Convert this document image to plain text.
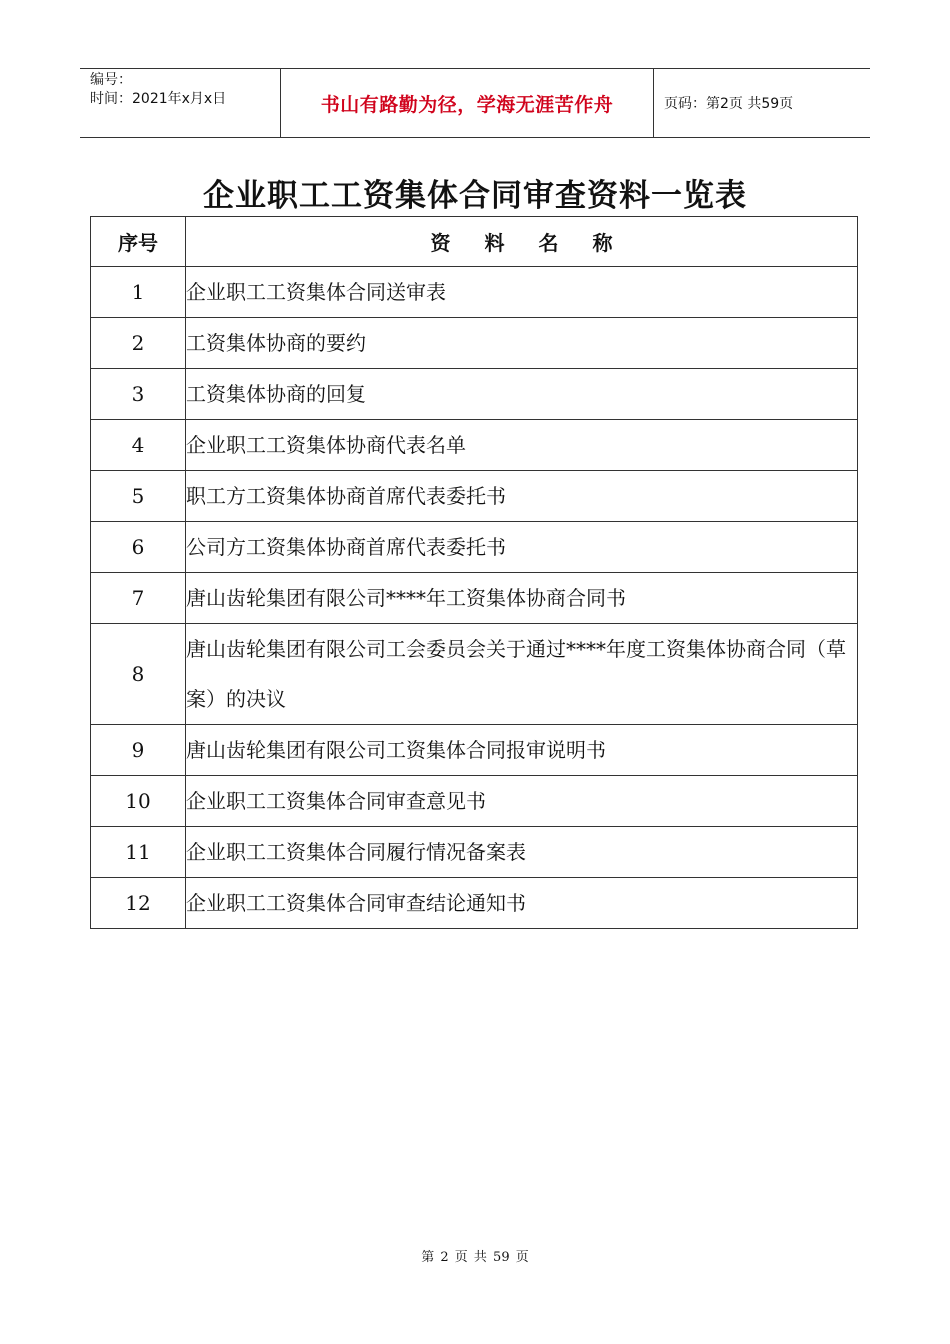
编号：
时间：2021年x月x日	书山有路勤为径，学海无涯苦作舟	页码：第2页 共59页
企业职工工资集体合同审查资料一览表
序号	资料名称
1	企业职工工资集体合同送审表
2	工资集体协商的要约
3	工资集体协商的回复
4	企业职工工资集体协商代表名单
5	职工方工资集体协商首席代表委托书
6	公司方工资集体协商首席代表委托书
7	唐山齿轮集团有限公司****年工资集体协商合同书
8	唐山齿轮集团有限公司工会委员会关于通过****年度工资集体协商合同（草案）的决议
9	唐山齿轮集团有限公司工资集体合同报审说明书
10	企业职工工资集体合同审查意见书
11	企业职工工资集体合同履行情况备案表
12	企业职工工资集体合同审查结论通知书
第 2 页 共 59 页
